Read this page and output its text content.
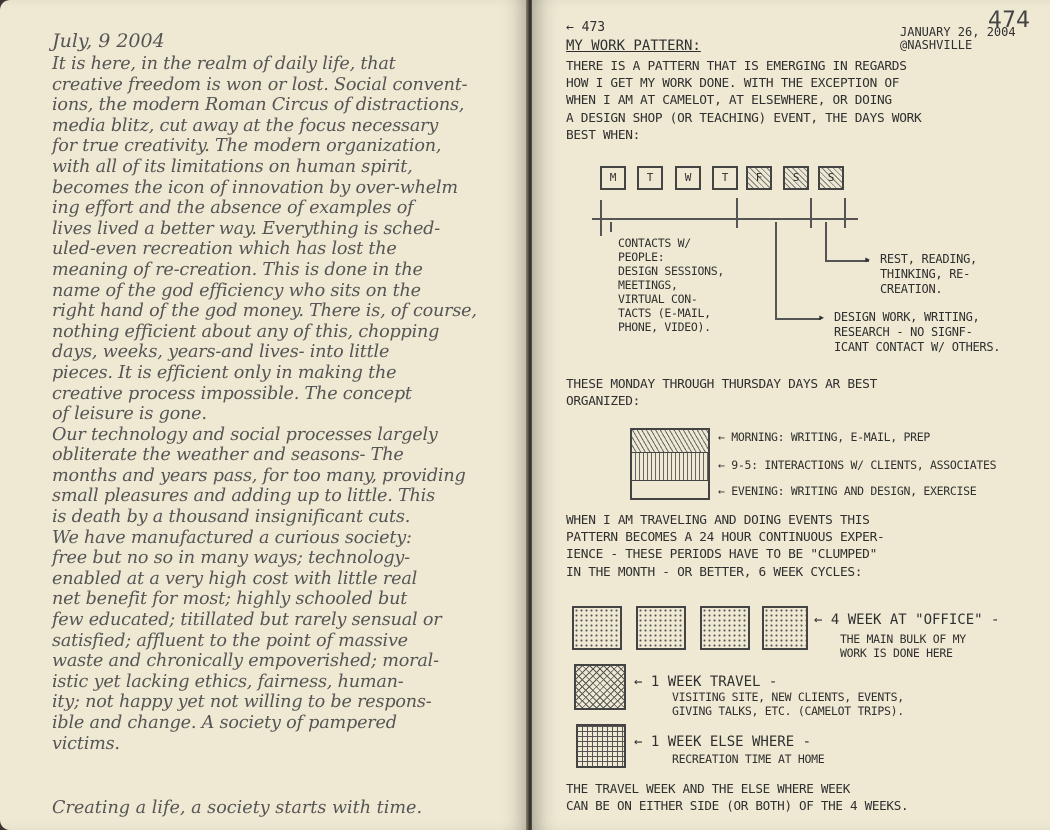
July, 9 2004
It is here, in the realm of daily life, that
creative freedom is won or lost. Social convent-
ions, the modern Roman Circus of distractions,
media blitz, cut away at the focus necessary
for true creativity. The modern organization,
with all of its limitations on human spirit,
becomes the icon of innovation by over-whelm
ing effort and the absence of examples of
lives lived a better way. Everything is sched-
uled-even recreation which has lost the
meaning of re-creation. This is done in the
name of the god efficiency who sits on the
right hand of the god money. There is, of course,
nothing efficient about any of this, chopping
days, weeks, years-and lives- into little
pieces. It is efficient only in making the
creative process impossible. The concept
of leisure is gone.
Our technology and social processes largely
obliterate the weather and seasons- The
months and years pass, for too many, providing
small pleasures and adding up to little. This
is death by a thousand insignificant cuts.
We have manufactured a curious society:
free but no so in many ways; technology-
enabled at a very high cost with little real
net benefit for most; highly schooled but
few educated; titillated but rarely sensual or
satisfied; affluent to the point of massive
waste and chronically empoverished; moral-
istic yet lacking ethics, fairness, human-
ity; not happy yet not willing to be respons-
ible and change. A society of pampered
victims.
Creating a life, a society starts with time.
← 473	474
JANUARY 26, 2004
@NASHVILLE
MY WORK PATTERN:
THERE IS A PATTERN THAT IS EMERGING IN REGARDS
HOW I GET MY WORK DONE. WITH THE EXCEPTION OF
WHEN I AM AT CAMELOT, AT ELSEWHERE, OR DOING
A DESIGN SHOP (OR TEACHING) EVENT, THE DAYS WORK
BEST WHEN:
M	T	W	T	F	S	S
▸
▸
CONTACTS W/
PEOPLE:
DESIGN SESSIONS,
MEETINGS,
VIRTUAL CON-
TACTS (E-MAIL,
PHONE, VIDEO).
REST, READING,
THINKING, RE-
CREATION.
DESIGN WORK, WRITING,
RESEARCH - NO SIGNF-
ICANT CONTACT W/ OTHERS.
THESE MONDAY THROUGH THURSDAY DAYS AR BEST
ORGANIZED:
← MORNING: WRITING, E-MAIL, PREP
← 9-5: INTERACTIONS W/ CLIENTS, ASSOCIATES
← EVENING: WRITING AND DESIGN, EXERCISE
WHEN I AM TRAVELING AND DOING EVENTS THIS
PATTERN BECOMES A 24 HOUR CONTINUOUS EXPER-
IENCE - THESE PERIODS HAVE TO BE "CLUMPED"
IN THE MONTH - OR BETTER, 6 WEEK CYCLES:
← 4 WEEK AT "OFFICE" -
THE MAIN BULK OF MY
WORK IS DONE HERE
← 1 WEEK TRAVEL -
VISITING SITE, NEW CLIENTS, EVENTS,
GIVING TALKS, ETC. (CAMELOT TRIPS).
← 1 WEEK ELSE WHERE -
RECREATION TIME AT HOME
THE TRAVEL WEEK AND THE ELSE WHERE WEEK
CAN BE ON EITHER SIDE (OR BOTH) OF THE 4 WEEKS.
